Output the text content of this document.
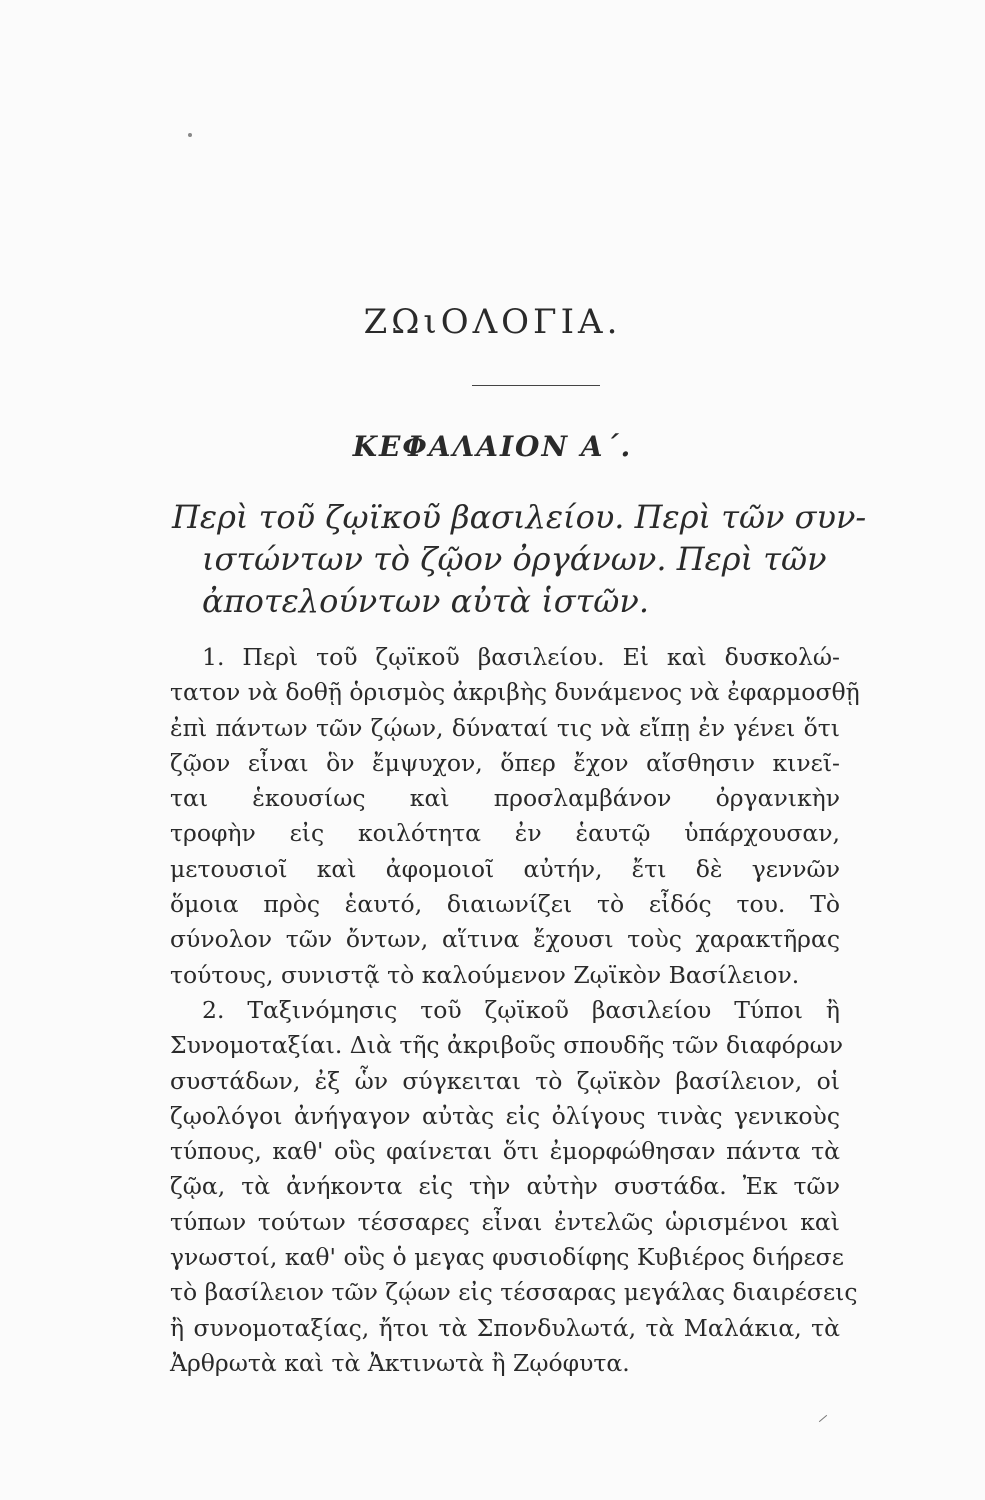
ΖΩιΟΛΟΓΙΑ.
ΚΕΦΑΛΑΙΟΝ Α΄.
Περὶ τοῦ ζῳϊκοῦ βασιλείου. Περὶ τῶν συν-
ιστώντων τὸ ζῷον ὀργάνων. Περὶ τῶν
ἀποτελούντων αὐτὰ ἱστῶν.
1. Περὶ τοῦ ζῳϊκοῦ βασιλείου. Εἰ καὶ δυσκολώ-
τατον νὰ δοθῇ ὁρισμὸς ἀκριβὴς δυνάμενος νὰ ἐφαρμοσθῇ
ἐπὶ πάντων τῶν ζῴων, δύναταί τις νὰ εἴπῃ ἐν γένει ὅτι
ζῷον εἶναι ὃν ἔμψυχον, ὅπερ ἔχον αἴσθησιν κινεῖ-
ται ἑκουσίως καὶ προσλαμβάνον ὀργανικὴν
τροφὴν εἰς κοιλότητα ἐν ἑαυτῷ ὑπάρχουσαν,
μετουσιοῖ καὶ ἀφομοιοῖ αὐτήν, ἔτι δὲ γεννῶν
ὅμοια πρὸς ἑαυτό, διαιωνίζει τὸ εἶδός του. Τὸ
σύνολον τῶν ὄντων, αἵτινα ἔχουσι τοὺς χαρακτῆρας
τούτους, συνιστᾷ τὸ καλούμενον Ζῳϊκὸν Βασίλειον.
2. Ταξινόμησις τοῦ ζῳϊκοῦ βασιλείου Τύποι ἢ
Συνομοταξίαι. Διὰ τῆς ἀκριβοῦς σπουδῆς τῶν διαφόρων
συστάδων, ἐξ ὧν σύγκειται τὸ ζῳϊκὸν βασίλειον, οἱ
ζῳολόγοι ἀνήγαγον αὐτὰς εἰς ὀλίγους τινὰς γενικοὺς
τύπους, καθ' οὓς φαίνεται ὅτι ἐμορφώθησαν πάντα τὰ
ζῷα, τὰ ἀνήκοντα εἰς τὴν αὐτὴν συστάδα. Ἐκ τῶν
τύπων τούτων τέσσαρες εἶναι ἐντελῶς ὡρισμένοι καὶ
γνωστοί, καθ' οὓς ὁ μεγας φυσιοδίφης Κυβιέρος διήρεσε
τὸ βασίλειον τῶν ζῴων εἰς τέσσαρας μεγάλας διαιρέσεις
ἢ συνομοταξίας, ἤτοι τὰ Σπονδυλωτά, τὰ Μαλάκια, τὰ
Ἀρθρωτὰ καὶ τὰ Ἀκτινωτὰ ἢ Ζῳόφυτα.
